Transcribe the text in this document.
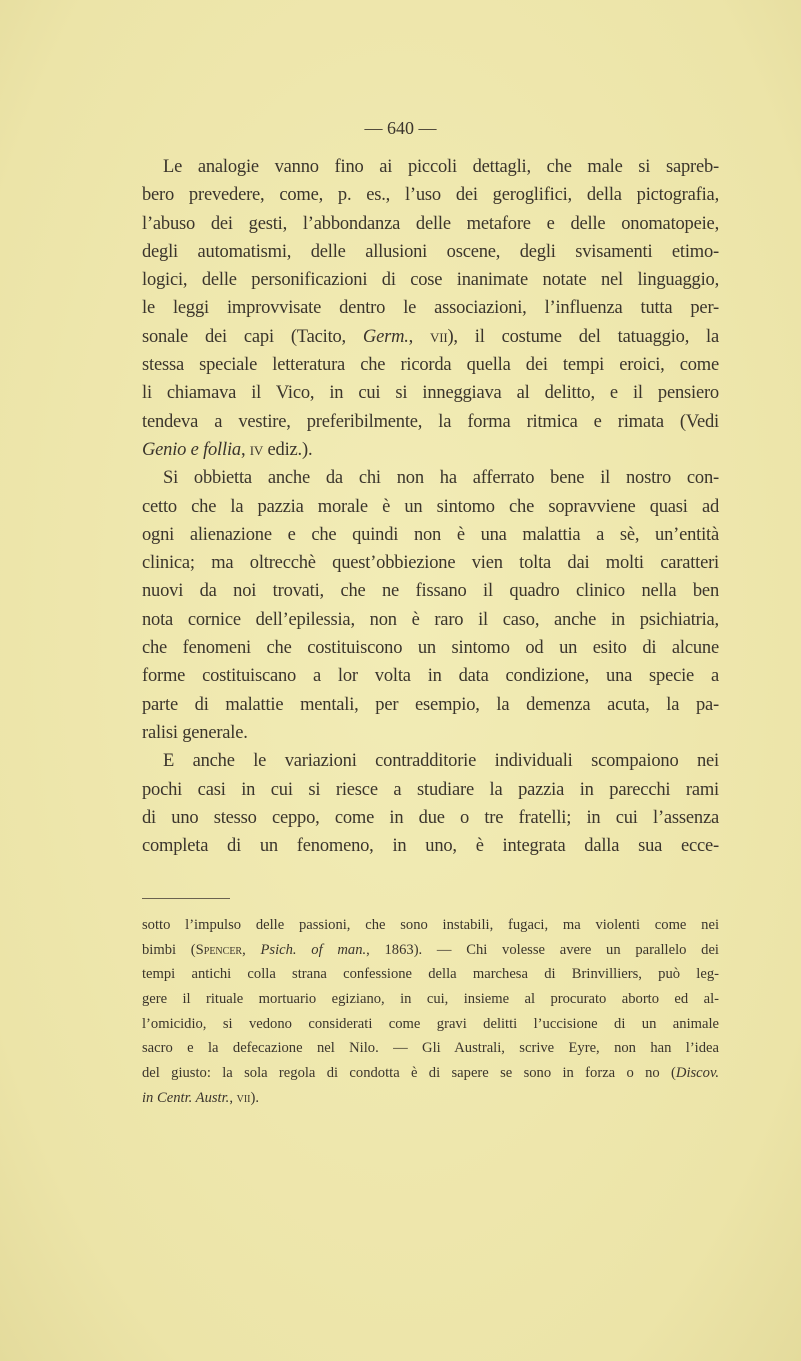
— 640 —
Le analogie vanno fino ai piccoli dettagli, che male si sapreb-
bero prevedere, come, p. es., l’uso dei geroglifici, della pictografia,
l’abuso dei gesti, l’abbondanza delle metafore e delle onomatopeie,
degli automatismi, delle allusioni oscene, degli svisamenti etimo-
logici, delle personificazioni di cose inanimate notate nel linguaggio,
le leggi improvvisate dentro le associazioni, l’influenza tutta per-
sonale dei capi (Tacito, Germ., vii), il costume del tatuaggio, la
stessa speciale letteratura che ricorda quella dei tempi eroici, come
li chiamava il Vico, in cui si inneggiava al delitto, e il pensiero
tendeva a vestire, preferibilmente, la forma ritmica e rimata (Vedi
Genio e follia, iv ediz.).
Si obbietta anche da chi non ha afferrato bene il nostro con-
cetto che la pazzia morale è un sintomo che sopravviene quasi ad
ogni alienazione e che quindi non è una malattia a sè, un’entità
clinica; ma oltrecchè quest’obbiezione vien tolta dai molti caratteri
nuovi da noi trovati, che ne fissano il quadro clinico nella ben
nota cornice dell’epilessia, non è raro il caso, anche in psichiatria,
che fenomeni che costituiscono un sintomo od un esito di alcune
forme costituiscano a lor volta in data condizione, una specie a
parte di malattie mentali, per esempio, la demenza acuta, la pa-
ralisi generale.
E anche le variazioni contradditorie individuali scompaiono nei
pochi casi in cui si riesce a studiare la pazzia in parecchi rami
di uno stesso ceppo, come in due o tre fratelli; in cui l’assenza
completa di un fenomeno, in uno, è integrata dalla sua ecce-
sotto l’impulso delle passioni, che sono instabili, fugaci, ma violenti come nei
bimbi (Spencer, Psich. of man., 1863). — Chi volesse avere un parallelo dei
tempi antichi colla strana confessione della marchesa di Brinvilliers, può leg-
gere il rituale mortuario egiziano, in cui, insieme al procurato aborto ed al-
l’omicidio, si vedono considerati come gravi delitti l’uccisione di un animale
sacro e la defecazione nel Nilo. — Gli Australi, scrive Eyre, non han l’idea
del giusto: la sola regola di condotta è di sapere se sono in forza o no (Discov.
in Centr. Austr., vii).
